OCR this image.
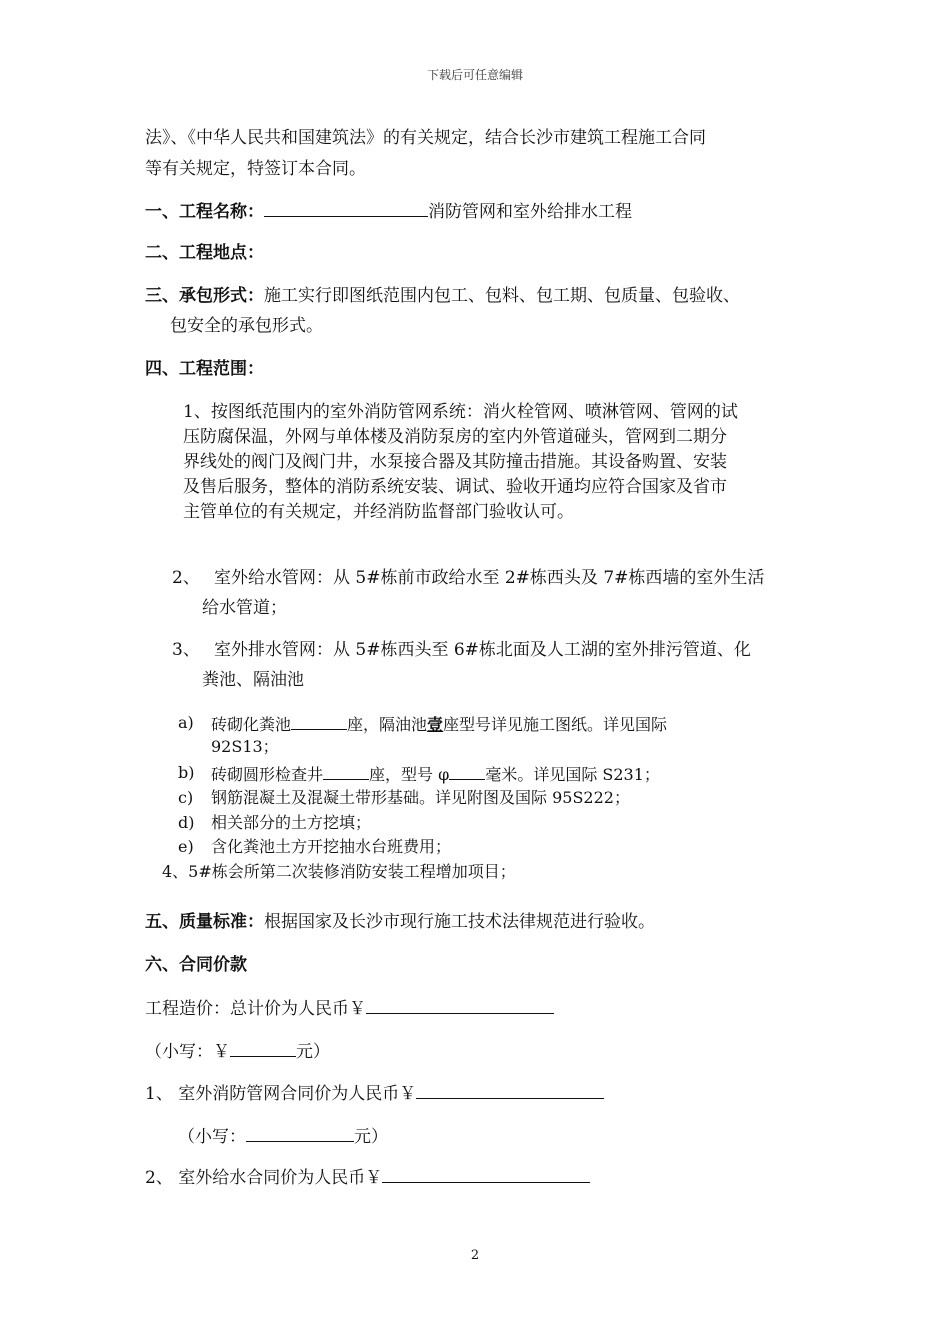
下载后可任意编辑
法》、《中华人民共和国建筑法》的有关规定，结合长沙市建筑工程施工合同
等有关规定，特签订本合同。
一、工程名称：	消防管网和室外给排水工程
二、工程地点：
三、承包形式：施工实行即图纸范围内包工、包料、包工期、包质量、包验收、
包安全的承包形式。
四、工程范围：
1、按图纸范围内的室外消防管网系统：消火栓管网、喷淋管网、管网的试
压防腐保温，外网与单体楼及消防泵房的室内外管道碰头，管网到二期分
界线处的阀门及阀门井，水泵接合器及其防撞击措施。其设备购置、安装
及售后服务，整体的消防系统安装、调试、验收开通均应符合国家及省市
主管单位的有关规定，并经消防监督部门验收认可。
2、 室外给水管网：从 5#栋前市政给水至 2#栋西头及 7#栋西墙的室外生活
给水管道；
3、 室外排水管网：从 5#栋西头至 6#栋北面及人工湖的室外排污管道、化
粪池、隔油池
a) 砖砌化粪池	座，隔油池壹座型号详见施工图纸。详见国际
92S13；
b) 砖砌圆形检查井	座，型号 φ 毫米。详见国际 S231；
c) 钢筋混凝土及混凝土带形基础。详见附图及国际 95S222；
d) 相关部分的土方挖填；
e) 含化粪池土方开挖抽水台班费用；
4、5#栋会所第二次装修消防安装工程增加项目；
五、质量标准：根据国家及长沙市现行施工技术法律规范进行验收。
六、合同价款
工程造价：总计价为人民币￥
（小写：￥	元）
1、 室外消防管网合同价为人民币￥
（小写：	元）
2、 室外给水合同价为人民币￥
2
